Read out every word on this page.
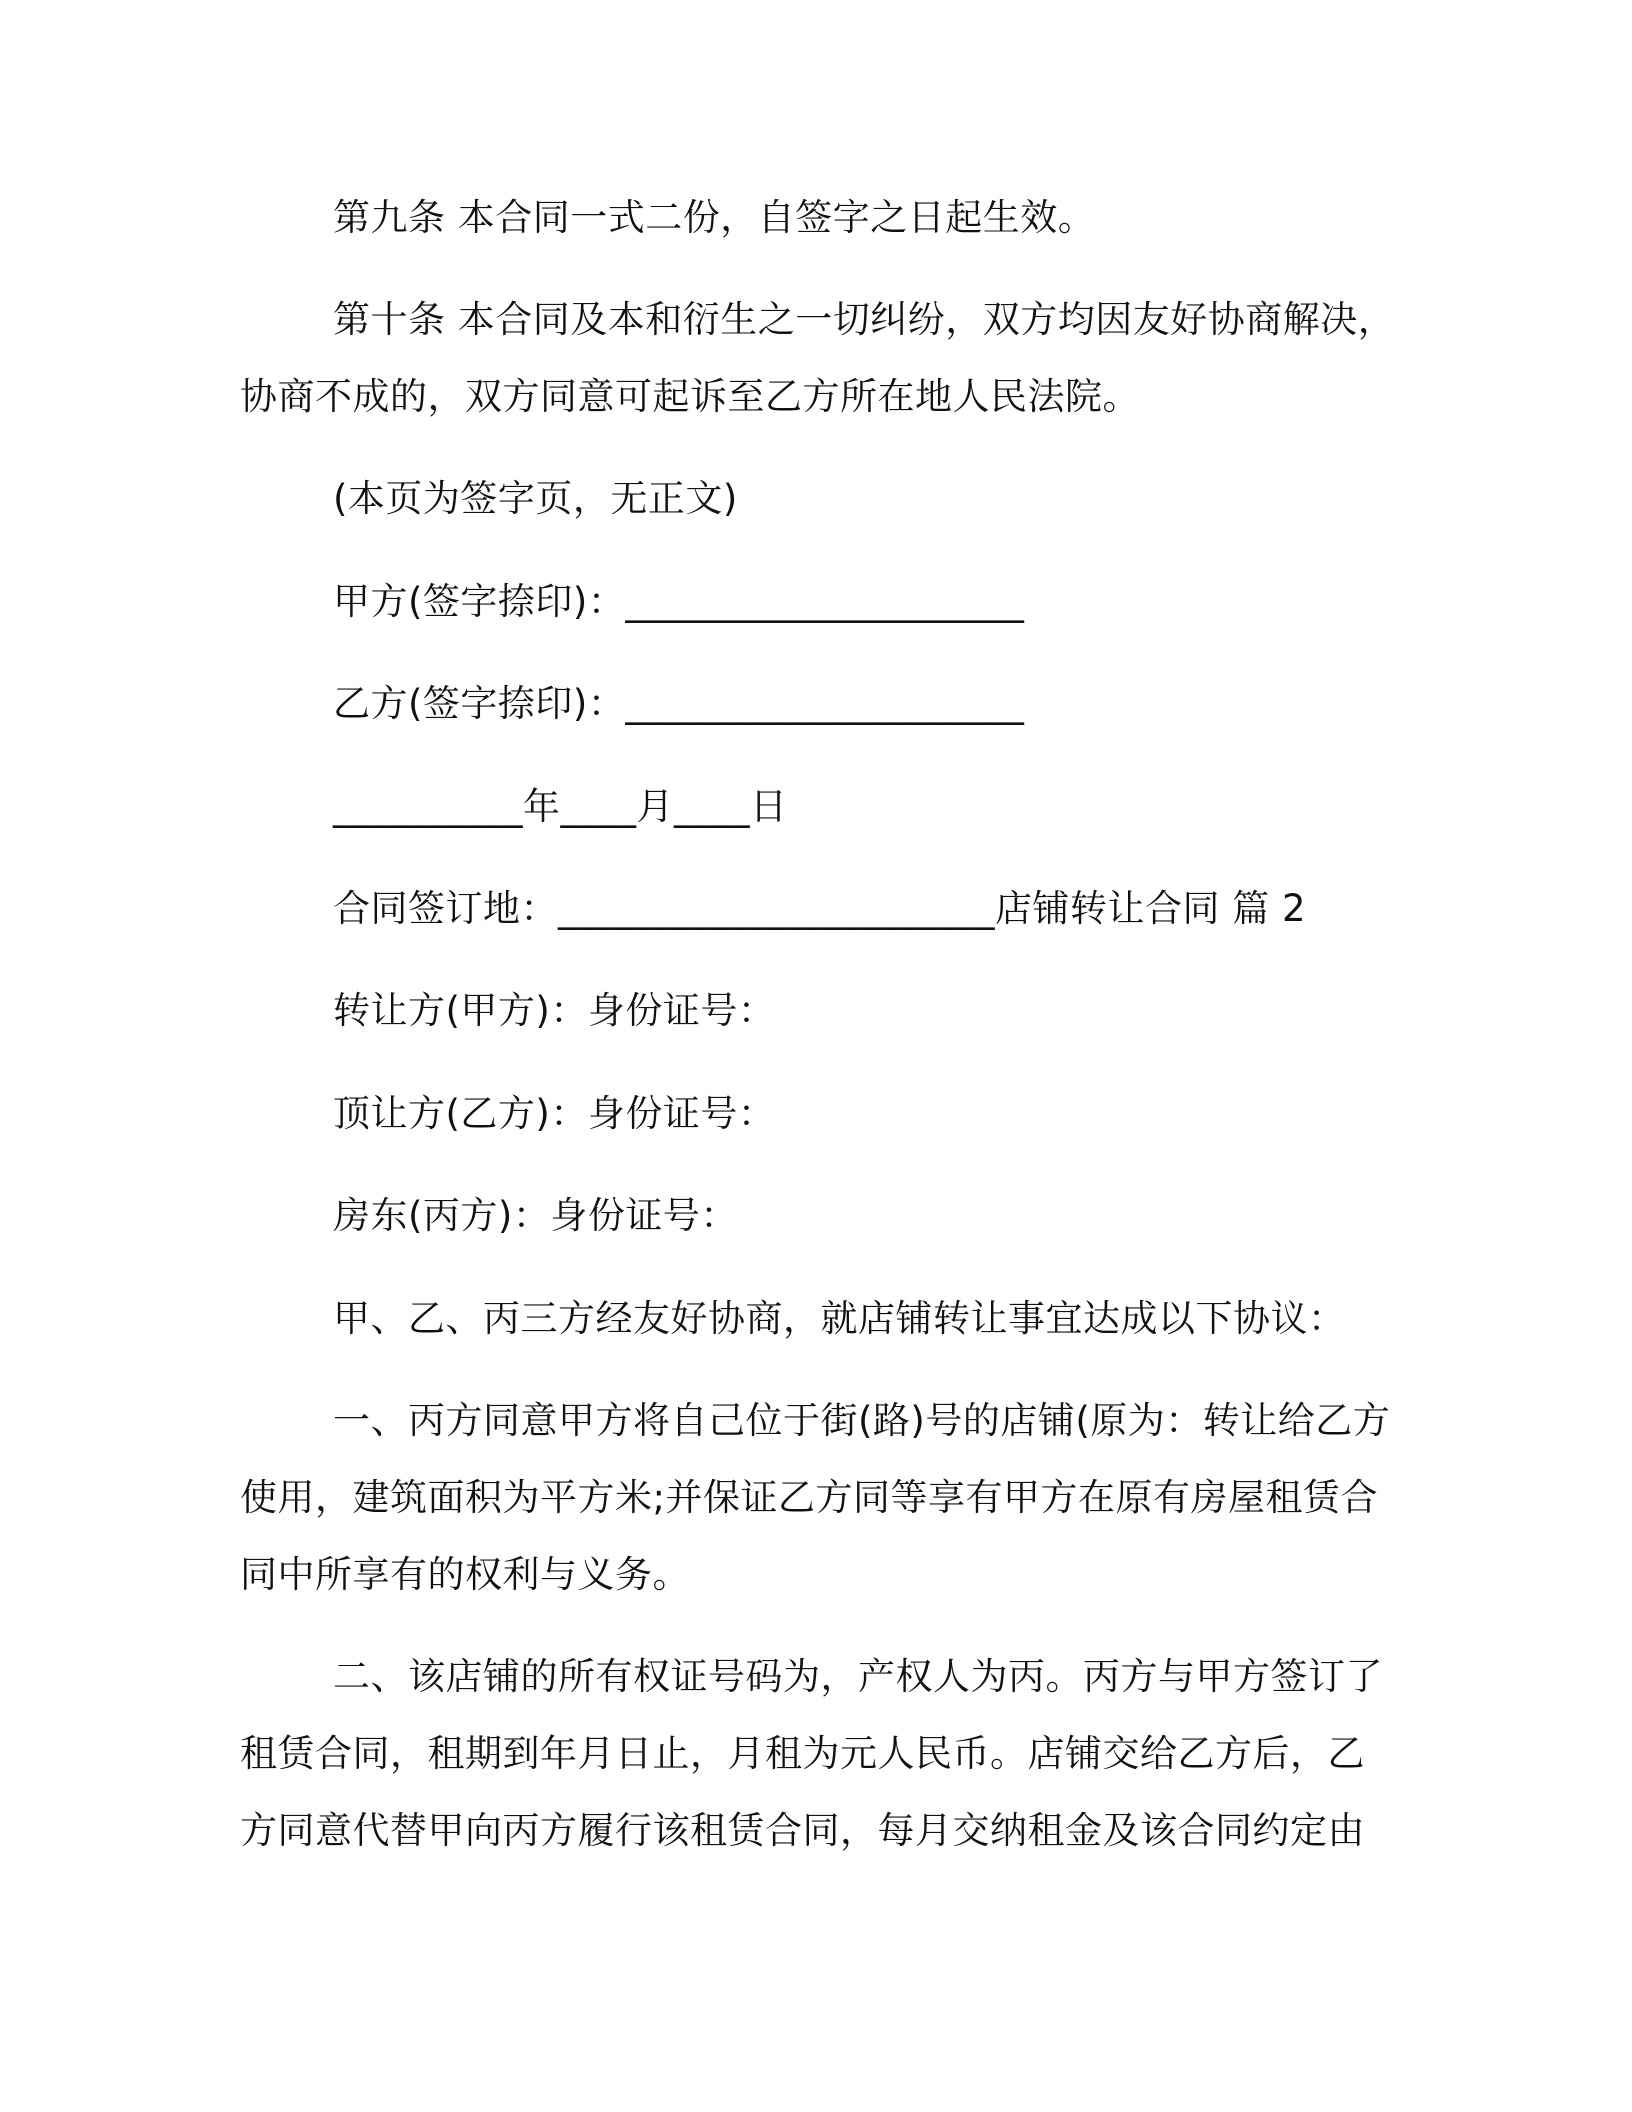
第九条 本合同一式二份，自签字之日起生效。
第十条 本合同及本和衍生之一切纠纷，双方均因友好协商解决，
协商不成的，双方同意可起诉至乙方所在地人民法院。
(本页为签字页，无正文)
甲方(签字捺印)：_____________________
乙方(签字捺印)：_____________________
__________年____月____日
合同签订地：_______________________店铺转让合同 篇 2
转让方(甲方)：身份证号：
顶让方(乙方)：身份证号：
房东(丙方)：身份证号：
甲、乙、丙三方经友好协商，就店铺转让事宜达成以下协议：
一、丙方同意甲方将自己位于街(路)号的店铺(原为：转让给乙方
使用，建筑面积为平方米;并保证乙方同等享有甲方在原有房屋租赁合
同中所享有的权利与义务。
二、该店铺的所有权证号码为，产权人为丙。丙方与甲方签订了
租赁合同，租期到年月日止，月租为元人民币。店铺交给乙方后，乙
方同意代替甲向丙方履行该租赁合同，每月交纳租金及该合同约定由
